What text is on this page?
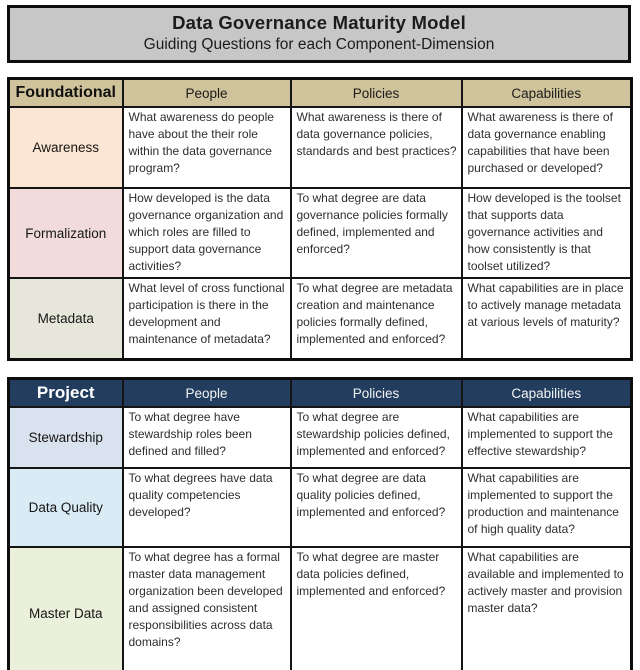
Data Governance Maturity Model
Guiding Questions for each Component-Dimension
Foundational	People	Policies	Capabilities
Awareness	What awareness do people have about the their role within the data governance program?	What awareness is there of data governance policies, standards and best practices?	What awareness is there of data governance enabling capabilities that have been purchased or developed?
Formalization	How developed is the data governance organization and which roles are filled to support data governance activities?	To what degree are data governance policies formally defined, implemented and enforced?	How developed is the toolset that supports data governance activities and how consistently is that toolset utilized?
Metadata	What level of cross functional participation is there in the development and maintenance of metadata?	To what degree are metadata creation and maintenance policies formally defined, implemented and enforced?	What capabilities are in place to actively manage metadata at various levels of maturity?
Project	People	Policies	Capabilities
Stewardship	To what degree have stewardship roles been defined and filled?	To what degree are stewardship policies defined, implemented and enforced?	What capabilities are implemented to support the effective stewardship?
Data Quality	To what degrees have data quality competencies developed?	To what degree are data quality policies defined, implemented and enforced?	What capabilities are implemented to support the production and maintenance of high quality data?
Master Data	To what degree has a formal master data management organization been developed and assigned consistent responsibilities across data domains?	To what degree are master data policies defined, implemented and enforced?	What capabilities are available and implemented to actively master and provision master data?
